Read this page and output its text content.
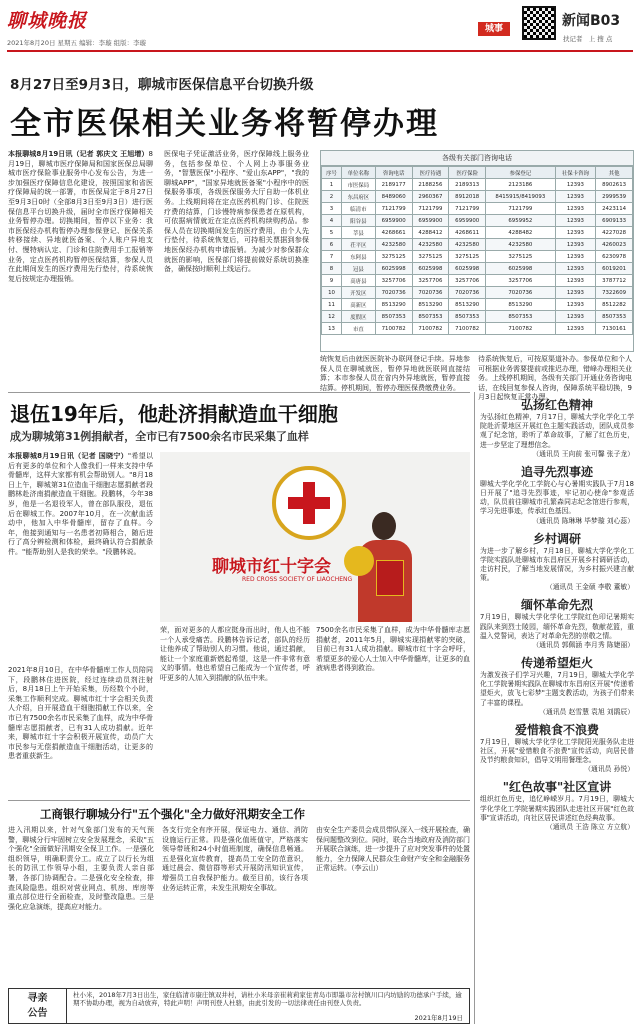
聊城晚报
2021年8月20日 星期五 编辑：李璇 组版：李璇
城事	新闻B03
扶记者 上 搜 点
8月27日至9月3日，聊城市医保信息平台切换升级
全市医保相关业务将暂停办理
本报聊城8月19日讯（记者 郭庆文 王旭增）8月19日，聊城市医疗保障局和国家医保总局聊城市医疗保险事业服务中心发布公告，为进一步加强医疗保障信息化建设，按照国家和省医疗保障局的统一部署，市医保局定于8月27日至9月3日0时（全部8月3日至9月3日）进行医保信息平台切换升级，届时全市医疗保障相关业务暂停办理。切换期间，暂停以下业务：我市医保经办机构暂停办理参保登记、医保关系转移接续、异地就医备案、个人账户异地支付、慢特病认定、门诊和住院费用手工报销等业务，定点医药机构暂停医保结算，参保人员在此期间发生的医疗费用先行垫付，待系统恢复后按规定办理报销。
医保电子凭证激活业务，医疗保障线上服务业务，包括参保单位、个人网上办事服务业务，"智慧医保"小程序、"爱山东APP"，"我的聊城APP"，"国家异地就医备案"小程序中的医保服务事项，各级医保服务大厅自助一体机业务。上线期间将在定点医药机构门诊、住院医疗费的结算，门诊慢特病参保患者在原机构，可依据病情就近在定点医药机构续购药品。参保人员在切换期间发生的医疗费用，由个人先行垫付，待系统恢复后，可持相关票据到参保地医保经办机构申请报销。为减少对参保群众就医的影响，医保部门将提前做好系统切换准备，确保按时顺利上线运行。
各级有关部门咨询电话
序号	单位名称	咨询电话	医疗待遇	医疗保险	参保登记	社保卡咨询	其他
1	市医保局	2189177	2188256	2189313	2123186	12393	8902613
2	东昌府区	8489060	2960367	8912018	8415915/8419093	12393	2999539
3	临清市	7121799	7121799	7121799	7121799	12393	2423114
4	阳谷县	6959900	6959900	6959900	6959952	12393	6909133
5	莘县	4268661	4288412	4268611	4288482	12393	4227028
6	茌平区	4232580	4232580	4232580	4232580	12393	4260023
7	东阿县	3275125	3275125	3275125	3275125	12393	6230978
8	冠县	6025998	6025998	6025998	6025998	12393	6019201
9	高唐县	3257706	3257706	3257706	3257706	12393	3787712
10	开发区	7020736	7020736	7020736	7020736	12393	7322609
11	高新区	8513290	8513290	8513290	8513290	12393	8512282
12	度假区	8507353	8507353	8507353	8507353	12393	8507353
13	市直	7100782	7100782	7100782	7100782	12393	7130161
统恢复后由就医医院补办联网登记手续。异地参保人员在聊城就医，暂停异地就医联网直接结算；本市参保人员在省内外异地就医，暂停直接结算。停机期间，暂停办理医保费缴费业务。
待系统恢复后，可按原渠道补办。参保单位和个人可根据业务需要提前或推迟办理，错峰办理相关业务。上线停机期间，各级有关部门开通业务咨询电话，在线回复参保人咨询，保障系统平稳切换，9月3日起恢复正常办理。
退伍19年后，他赴济捐献造血干细胞
成为聊城第31例捐献者，全市已有7500余名市民采集了血样
本报聊城8月19日讯（记者 国晓宁）"希望以后有更多的单位和个人像我们一样来支持中华骨髓库，这样大家都有机会帮助别人。"8月18日上午，聊城第31位造血干细胞志愿捐献者段鹏林赴济南捐献造血干细胞。段鹏林，今年38岁，他是一名退役军人，曾在部队服役，退伍后在聊城工作。2007年10月，在一次献血活动中，他加入中华骨髓库，留存了血样。今年，他接到通知与一名患者初筛相合，随后进行了高分辨检测和体检，最终确认符合捐献条件。"能帮助别人是我的荣幸。"段鹏林说。
2021年8月10日，在中华骨髓库工作人员陪同下，段鹏林住进医院，经过连续动员剂注射后，8月18日上午开始采集，历经数个小时，采集工作顺利完成。聊城市红十字会相关负责人介绍，自开展造血干细胞捐献工作以来，全市已有7500余名市民采集了血样，成为中华骨髓库志愿捐献者，已有31人成功捐献。近年来，聊城市红十字会积极开展宣传，动员广大市民参与无偿捐献造血干细胞活动，让更多的患者重获新生。
聊城市红十字会
RED CROSS SOCIETY OF LIAOCHENG
荣，面对更多的人都应挺身而出时，他人也不能一个人承受痛苦。段鹏林告诉记者，部队的经历让他养成了帮助别人的习惯。他说，通过捐献，能让一个家庭重新燃起希望，这是一件非常有意义的事情。他也希望自己能成为一个宣传者，呼吁更多的人加入到捐献的队伍中来。
7500余名市民采集了血样，成为中华骨髓库志愿捐献者，2011年5月，聊城实现捐献零的突破，目前已有31人成功捐献。聊城市红十字会呼吁，希望更多的爱心人士加入中华骨髓库，让更多的血液病患者得到救治。
工商银行聊城分行"五个强化"全力做好汛期安全工作
进入汛期以来，针对气象部门发布的天气预警，聊城分行牢固树立安全发展理念，采取"五个强化"全面做好汛期安全保卫工作。一是强化组织领导，明确职责分工。成立了以行长为组长的防汛工作领导小组，主要负责人亲自部署，各部门协调配合。二是强化安全检查，排查风险隐患。组织对营业网点、机房、库房等重点部位进行全面检查，及时整改隐患。三是强化应急演练，提高应对能力。
各支行完全有序开展，保证电力、通信、消防设施运行正常。四是强化值班值守，严格落实领导带班和24小时值班制度，确保信息畅通。五是强化宣传教育，提高员工安全防范意识，通过晨会、微信群等形式开展防汛知识宣传，增强员工自我保护能力。截至目前，该行各项业务运转正常，未发生汛期安全事故。
由安全生产委员会成员带队深入一线开展检查，确保问题整改到位。同时，联合当地政府及消防部门开展联合演练，进一步提升了应对突发事件的处置能力，全力保障人民群众生命财产安全和金融服务正常运转。（李云山）
寻亲
公告
杜小米，2018年7月3日出生，家住临清市康庄镇双井村，请杜小米母亲崔莉莉家住青岛市即墨市岔村镇川口内坊励的功德承户手续，逾期不协助办理，视为自动放弃，特此声明！声明刊登人杜骆，由此引发的一切法律责任由刊登人负责。
2021年8月19日

弘扬红色精神

为弘扬红色精神，7月17日，聊城大学化学化工学院赴沂蒙地区开展红色主题实践活动，团队成员参观了纪念馆，聆听了革命故事，了解了红色历史，进一步坚定了理想信念。

（通讯员 王向前 张可馨 张子龙）

追寻先烈事迹

聊城大学化学化工学院心与心暑期实践队于7月18日开展了"追寻先烈事迹，牢记初心使命"参观活动，队员前往聊城市孔繁森同志纪念馆进行参观，学习先进事迹，传承红色基因。

（通讯员 陈琳琳 毕梦璇 刘心蕊）

乡村调研

为进一步了解乡村，7月18日，聊城大学化学化工学院实践队赴聊城市东昌府区开展乡村调研活动，走访村民，了解当地发展情况，为乡村振兴建言献策。

（通讯员 王金硕 李敬 董敏）

缅怀革命先烈

7月19日，聊城大学化学化工学院红色印记暑期实践队来到烈士陵园，缅怀革命先烈，敬献花篮，重温入党誓词，表达了对革命先烈的崇敬之情。

（通讯员 郭佩涵 李月秀 陈婕丽）

传递希望炬火

为激发孩子们学习兴趣，7月19日，聊城大学化学化工学院暑期实践队在聊城市东昌府区开展"传递希望炬火，放飞七彩梦"主题支教活动，为孩子们带来了丰富的课程。

（通讯员 赵雪慧 袁旭 刘鹃辰）

爱惜粮食不浪费

7月19日，聊城大学化学化工学院阳光服务队走进社区，开展"爱惜粮食不浪费"宣传活动，向居民普及节约粮食知识，倡导文明用餐理念。

（通讯员 孙悦）

"红色故事"社区宣讲

组织红色历史，追忆峥嵘岁月。7月19日，聊城大学化学化工学院暑期实践团队走进社区开展"红色故事"宣讲活动，向社区居民讲述红色经典故事。

（通讯员 王浩 陈立 方立航）
